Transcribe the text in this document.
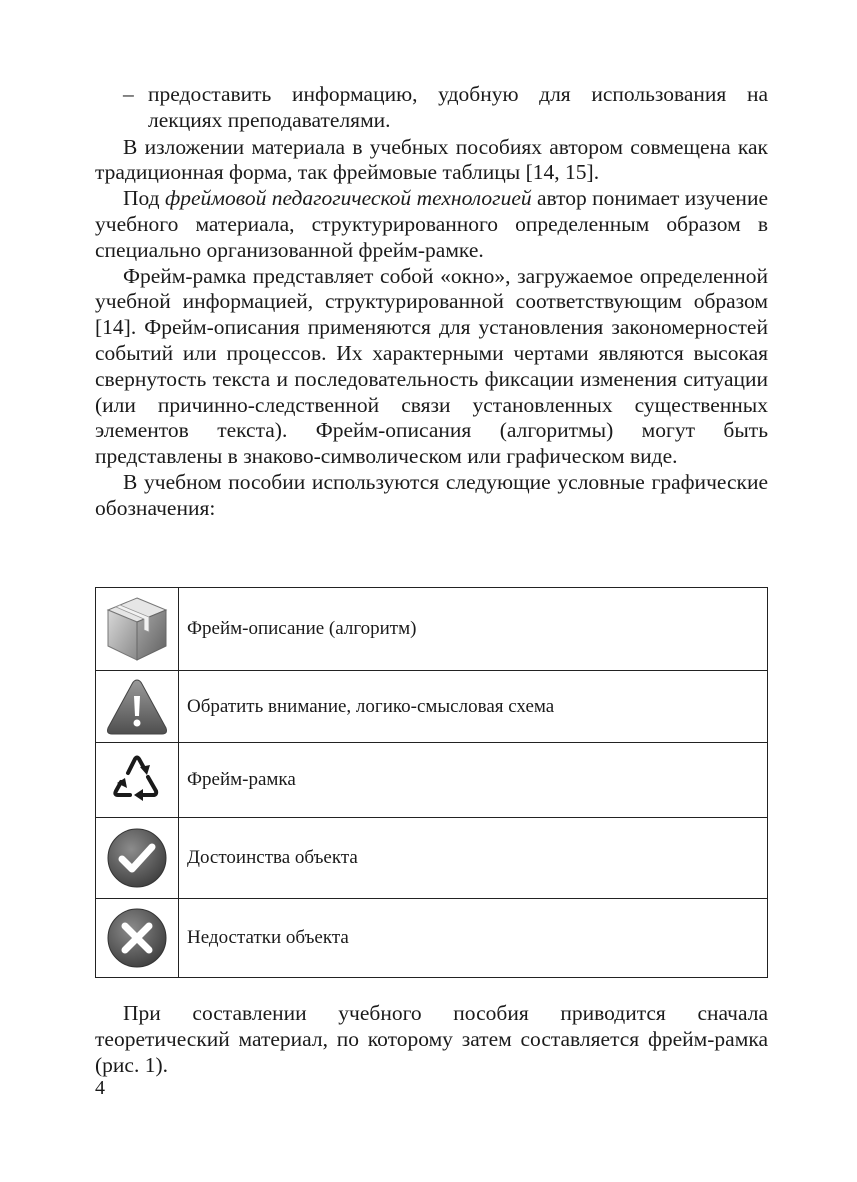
– предоставить информацию, удобную для использования на лекциях преподавателями.

В изложении материала в учебных пособиях автором совмещена как традиционная форма, так фреймовые таблицы [14, 15].

Под фреймовой педагогической технологией автор понимает изучение учебного материала, структурированного определенным образом в специально организованной фрейм-рамке.

Фрейм-рамка представляет собой «окно», загружаемое определенной учебной информацией, структурированной соответствующим образом [14]. Фрейм-описания применяются для установления закономерностей событий или процессов. Их характерными чертами являются высокая свернутость текста и последовательность фиксации изменения ситуации (или причинно-следственной связи установленных существенных элементов текста). Фрейм-описания (алгоритмы) могут быть представлены в знаково-символическом или графическом виде.

В учебном пособии используются следующие условные графические обозначения:

	Фрейм-описание (алгоритм)

	Обратить внимание, логико-смысловая схема

	Фрейм-рамка

	Достоинства объекта

	Недостатки объекта

При составлении учебного пособия приводится сначала теоретический материал, по которому затем составляется фрейм-рамка (рис. 1).

4
